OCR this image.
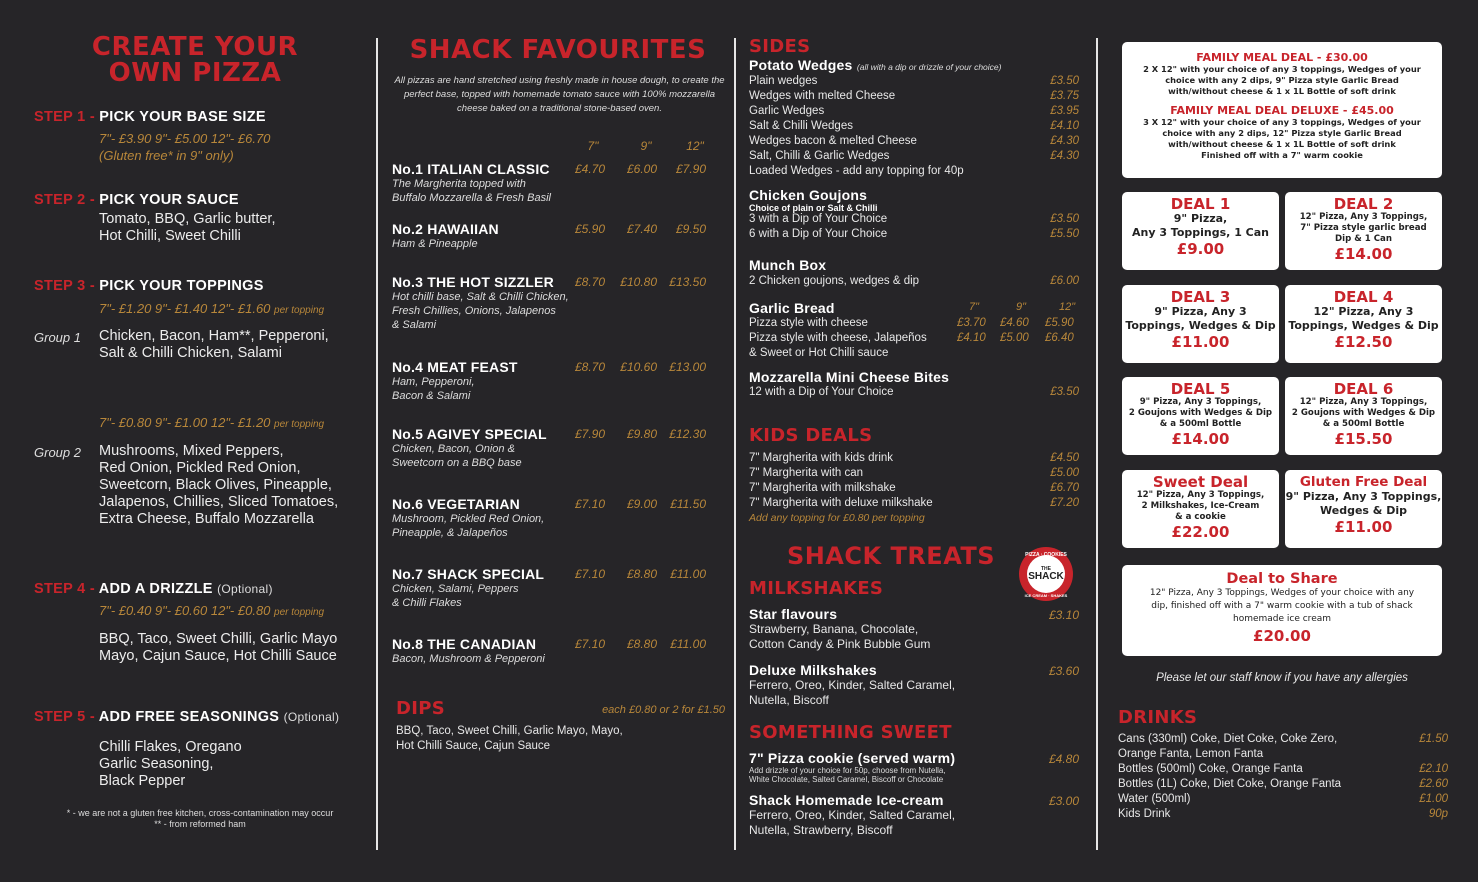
CREATE YOUR
OWN PIZZA
STEP 1 - PICK YOUR BASE SIZE
7"- £3.90 9"- £5.00 12"- £6.70
(Gluten free* in 9" only)
STEP 2 - PICK YOUR SAUCE
Tomato, BBQ, Garlic butter,
Hot Chilli, Sweet Chilli
STEP 3 - PICK YOUR TOPPINGS
7"- £1.20 9"- £1.40 12"- £1.60 per topping
Group 1 Chicken, Bacon, Ham**, Pepperoni,
Salt & Chilli Chicken, Salami
7"- £0.80 9"- £1.00 12"- £1.20 per topping
Group 2 Mushrooms, Mixed Peppers,
Red Onion, Pickled Red Onion,
Sweetcorn, Black Olives, Pineapple,
Jalapenos, Chillies, Sliced Tomatoes,
Extra Cheese, Buffalo Mozzarella
STEP 4 - ADD A DRIZZLE (Optional)
7"- £0.40 9"- £0.60 12"- £0.80 per topping
BBQ, Taco, Sweet Chilli, Garlic Mayo
Mayo, Cajun Sauce, Hot Chilli Sauce
STEP 5 - ADD FREE SEASONINGS (Optional)
Chilli Flakes, Oregano
Garlic Seasoning,
Black Pepper
* - we are not a gluten free kitchen, cross-contamination may occur
** - from reformed ham
SHACK FAVOURITES
All pizzas are hand stretched using freshly made in house dough, to create the perfect base, topped with homemade tomato sauce with 100% mozzarella cheese baked on a traditional stone-based oven.
7"	9"	12"
No.1 ITALIAN CLASSIC
The Margherita topped with
Buffalo Mozzarella & Fresh Basil
£4.70	£6.00	£7.90
No.2 HAWAIIAN
Ham & Pineapple
£5.90	£7.40	£9.50
No.3 THE HOT SIZZLER
Hot chilli base, Salt & Chilli Chicken,
Fresh Chillies, Onions, Jalapenos
& Salami
£8.70	£10.80	£13.50
No.4 MEAT FEAST
Ham, Pepperoni,
Bacon & Salami
£8.70	£10.60	£13.00
No.5 AGIVEY SPECIAL
Chicken, Bacon, Onion &
Sweetcorn on a BBQ base
£7.90	£9.80	£12.30
No.6 VEGETARIAN
Mushroom, Pickled Red Onion,
Pineapple, & Jalapeños
£7.10	£9.00	£11.50
No.7 SHACK SPECIAL
Chicken, Salami, Peppers
& Chilli Flakes
£7.10	£8.80	£11.00
No.8 THE CANADIAN
Bacon, Mushroom & Pepperoni
£7.10	£8.80	£11.00
DIPS	each £0.80 or 2 for £1.50
BBQ, Taco, Sweet Chilli, Garlic Mayo, Mayo,
Hot Chilli Sauce, Cajun Sauce
SIDES
Potato Wedges (all with a dip or drizzle of your choice)
Plain wedges	£3.50
Wedges with melted Cheese	£3.75
Garlic Wedges	£3.95
Salt & Chilli Wedges	£4.10
Wedges bacon & melted Cheese	£4.30
Salt, Chilli & Garlic Wedges	£4.30
Loaded Wedges - add any topping for 40p
Chicken Goujons
Choice of plain or Salt & Chilli
3 with a Dip of Your Choice	£3.50
6 with a Dip of Your Choice	£5.50
Munch Box
2 Chicken goujons, wedges & dip	£6.00
Garlic Bread	7"	9"	12"
Pizza style with cheese	£3.70 £4.60 £5.90
Pizza style with cheese, Jalapeños	£4.10 £5.00 £6.40
& Sweet or Hot Chilli sauce
Mozzarella Mini Cheese Bites
12 with a Dip of Your Choice	£3.50
KIDS DEALS
7" Margherita with kids drink	£4.50
7" Margherita with can	£5.00
7" Margherita with milkshake	£6.70
7" Margherita with deluxe milkshake	£7.20
Add any topping for £0.80 per topping
SHACK TREATS	PIZZA · COOKIES
THE
SHACK
ICE CREAM · SHAKES
MILKSHAKES
Star flavours	£3.10
Strawberry, Banana, Chocolate,
Cotton Candy & Pink Bubble Gum
Deluxe Milkshakes	£3.60
Ferrero, Oreo, Kinder, Salted Caramel,
Nutella, Biscoff
SOMETHING SWEET
7" Pizza cookie (served warm)	£4.80
Add drizzle of your choice for 50p, choose from Nutella,
White Chocolate, Salted Caramel, Biscoff or Chocolate
Shack Homemade Ice-cream	£3.00
Ferrero, Oreo, Kinder, Salted Caramel,
Nutella, Strawberry, Biscoff
FAMILY MEAL DEAL - £30.00
2 X 12" with your choice of any 3 toppings, Wedges of your
choice with any 2 dips, 9" Pizza style Garlic Bread
with/without cheese & 1 x 1L Bottle of soft drink
FAMILY MEAL DEAL DELUXE - £45.00
3 X 12" with your choice of any 3 toppings, Wedges of your
choice with any 2 dips, 12" Pizza style Garlic Bread
with/without cheese & 1 x 1L Bottle of soft drink
Finished off with a 7" warm cookie
DEAL 1
9" Pizza,
Any 3 Toppings, 1 Can
£9.00
DEAL 2
12" Pizza, Any 3 Toppings,
7" Pizza style garlic bread
Dip & 1 Can
£14.00
DEAL 3
9" Pizza, Any 3
Toppings, Wedges & Dip
£11.00
DEAL 4
12" Pizza, Any 3
Toppings, Wedges & Dip
£12.50
DEAL 5
9" Pizza, Any 3 Toppings,
2 Goujons with Wedges & Dip
& a 500ml Bottle
£14.00
DEAL 6
12" Pizza, Any 3 Toppings,
2 Goujons with Wedges & Dip
& a 500ml Bottle
£15.50
Sweet Deal
12" Pizza, Any 3 Toppings,
2 Milkshakes, Ice-Cream
& a cookie
£22.00
Gluten Free Deal
9" Pizza, Any 3 Toppings,
Wedges & Dip
£11.00
Deal to Share
12" Pizza, Any 3 Toppings, Wedges of your choice with any
dip, finished off with a 7" warm cookie with a tub of shack
homemade ice cream
£20.00
Please let our staff know if you have any allergies
DRINKS
Cans (330ml) Coke, Diet Coke, Coke Zero,	£1.50
Orange Fanta, Lemon Fanta
Bottles (500ml) Coke, Orange Fanta	£2.10
Bottles (1L) Coke, Diet Coke, Orange Fanta	£2.60
Water (500ml)	£1.00
Kids Drink	90p
